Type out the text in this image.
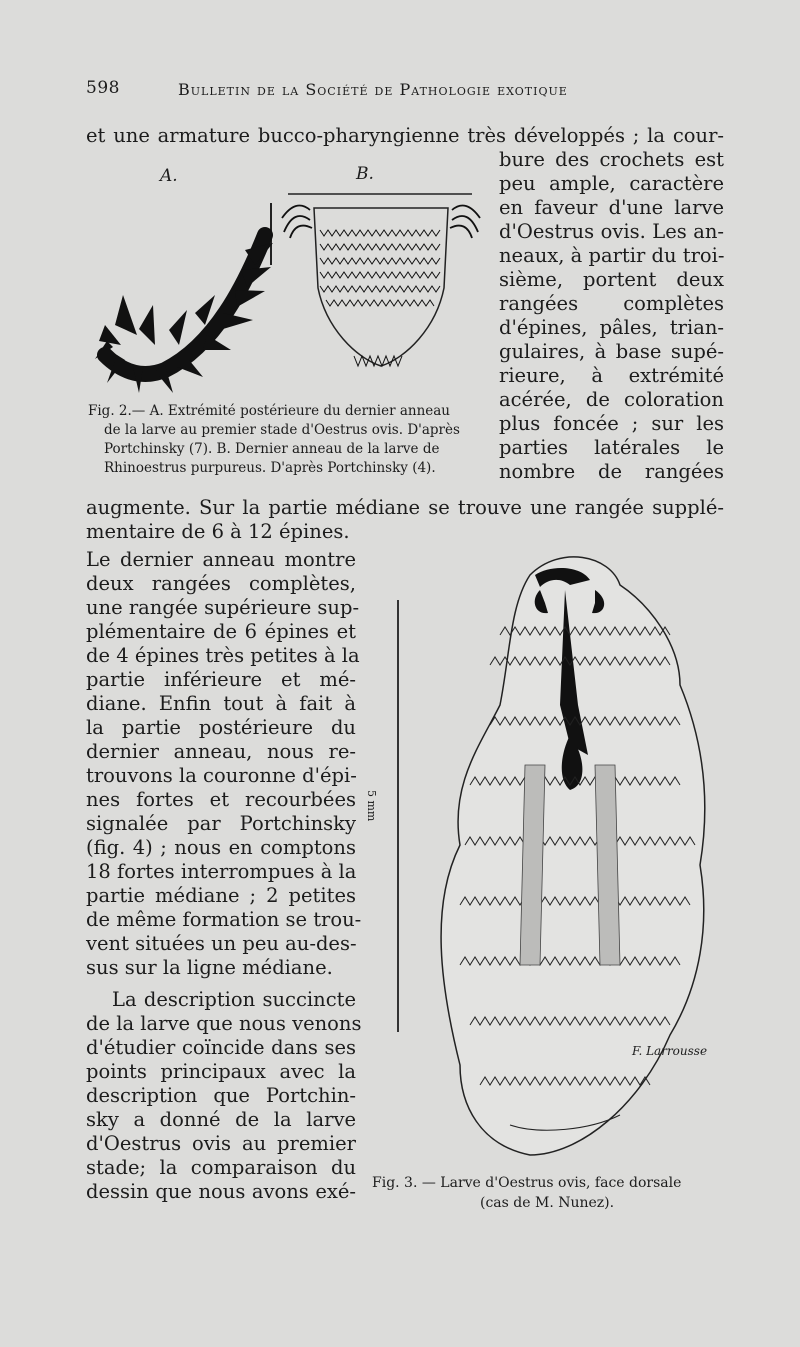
598	Bulletin de la Société de Pathologie exotique
et une armature bucco-pharyngienne très développés ; la cour-
A.	B.
bure des crochets est
peu ample, caractère
en faveur d'une larve
d'Oestrus ovis. Les an-
neaux, à partir du troi-
sième, portent deux
rangées complètes
d'épines, pâles, trian-
gulaires, à base supé-
rieure, à extrémité
acérée, de coloration
plus foncée ; sur les
parties latérales le
nombre de rangées
Fig. 2.— A. Extrémité postérieure du dernier anneau
de la larve au premier stade d'Oestrus ovis. D'après
Portchinsky (7). B. Dernier anneau de la larve de
Rhinoestrus purpureus. D'après Portchinsky (4).
augmente. Sur la partie médiane se trouve une rangée supplé-
mentaire de 6 à 12 épines.
Le dernier anneau montre
deux rangées complètes,
une rangée supérieure sup-
plémentaire de 6 épines et
de 4 épines très petites à la
partie inférieure et mé-
diane. Enfin tout à fait à
la partie postérieure du
dernier anneau, nous re-
trouvons la couronne d'épi-
nes fortes et recourbées
signalée par Portchinsky
(fig. 4) ; nous en comptons
18 fortes interrompues à la
partie médiane ; 2 petites
de même formation se trou-
vent situées un peu au-des-
sus sur la ligne médiane.
La description succincte
de la larve que nous venons
d'étudier coïncide dans ses
points principaux avec la
description que Portchin-
sky a donné de la larve
d'Oestrus ovis au premier
stade; la comparaison du
dessin que nous avons exé-
5 mm
F. Larrousse
Fig. 3. — Larve d'Oestrus ovis, face dorsale
(cas de M. Nunez).
